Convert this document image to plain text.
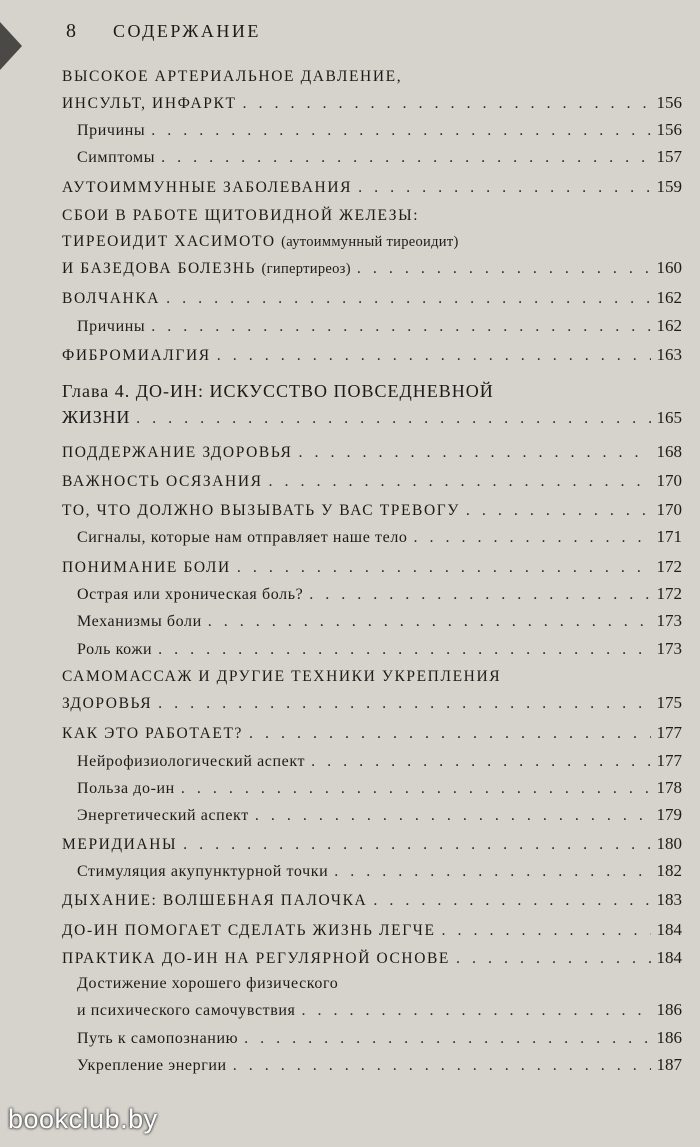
8 СОДЕРЖАНИЕ
ВЫСОКОЕ АРТЕРИАЛЬНОЕ ДАВЛЕНИЕ,
ИНСУЛЬТ, ИНФАРКТ . . .	156
Причины . . .	156
Симптомы . . .	157
АУТОИММУННЫЕ ЗАБОЛЕВАНИЯ . . .	159
СБОИ В РАБОТЕ ЩИТОВИДНОЙ ЖЕЛЕЗЫ:
ТИРЕОИДИТ ХАСИМОТО (аутоиммунный тиреоидит)
И БАЗЕДОВА БОЛЕЗНЬ (гипертиреоз) . . .	160
ВОЛЧАНКА . . .	162
Причины . . .	162
ФИБРОМИАЛГИЯ . . .	163
Глава 4. ДО-ИН: ИСКУССТВО ПОВСЕДНЕВНОЙ
ЖИЗНИ . . .	165
ПОДДЕРЖАНИЕ ЗДОРОВЬЯ . . .	168
ВАЖНОСТЬ ОСЯЗАНИЯ . . .	170
ТО, ЧТО ДОЛЖНО ВЫЗЫВАТЬ У ВАС ТРЕВОГУ . . .	170
Сигналы, которые нам отправляет наше тело . . .	171
ПОНИМАНИЕ БОЛИ . . .	172
Острая или хроническая боль? . . .	172
Механизмы боли . . .	173
Роль кожи . . .	173
САМОМАССАЖ И ДРУГИЕ ТЕХНИКИ УКРЕПЛЕНИЯ
ЗДОРОВЬЯ . . .	175
КАК ЭТО РАБОТАЕТ? . . .	177
Нейрофизиологический аспект . . .	177
Польза до-ин . . .	178
Энергетический аспект . . .	179
МЕРИДИАНЫ . . .	180
Стимуляция акупунктурной точки . . .	182
ДЫХАНИЕ: ВОЛШЕБНАЯ ПАЛОЧКА . . .	183
ДО-ИН ПОМОГАЕТ СДЕЛАТЬ ЖИЗНЬ ЛЕГЧЕ . . .	184
ПРАКТИКА ДО-ИН НА РЕГУЛЯРНОЙ ОСНОВЕ . . .	184
Достижение хорошего физического
и психического самочувствия . . .	186
Путь к самопознанию . . .	186
Укрепление энергии . . .	187
bookclub.by
